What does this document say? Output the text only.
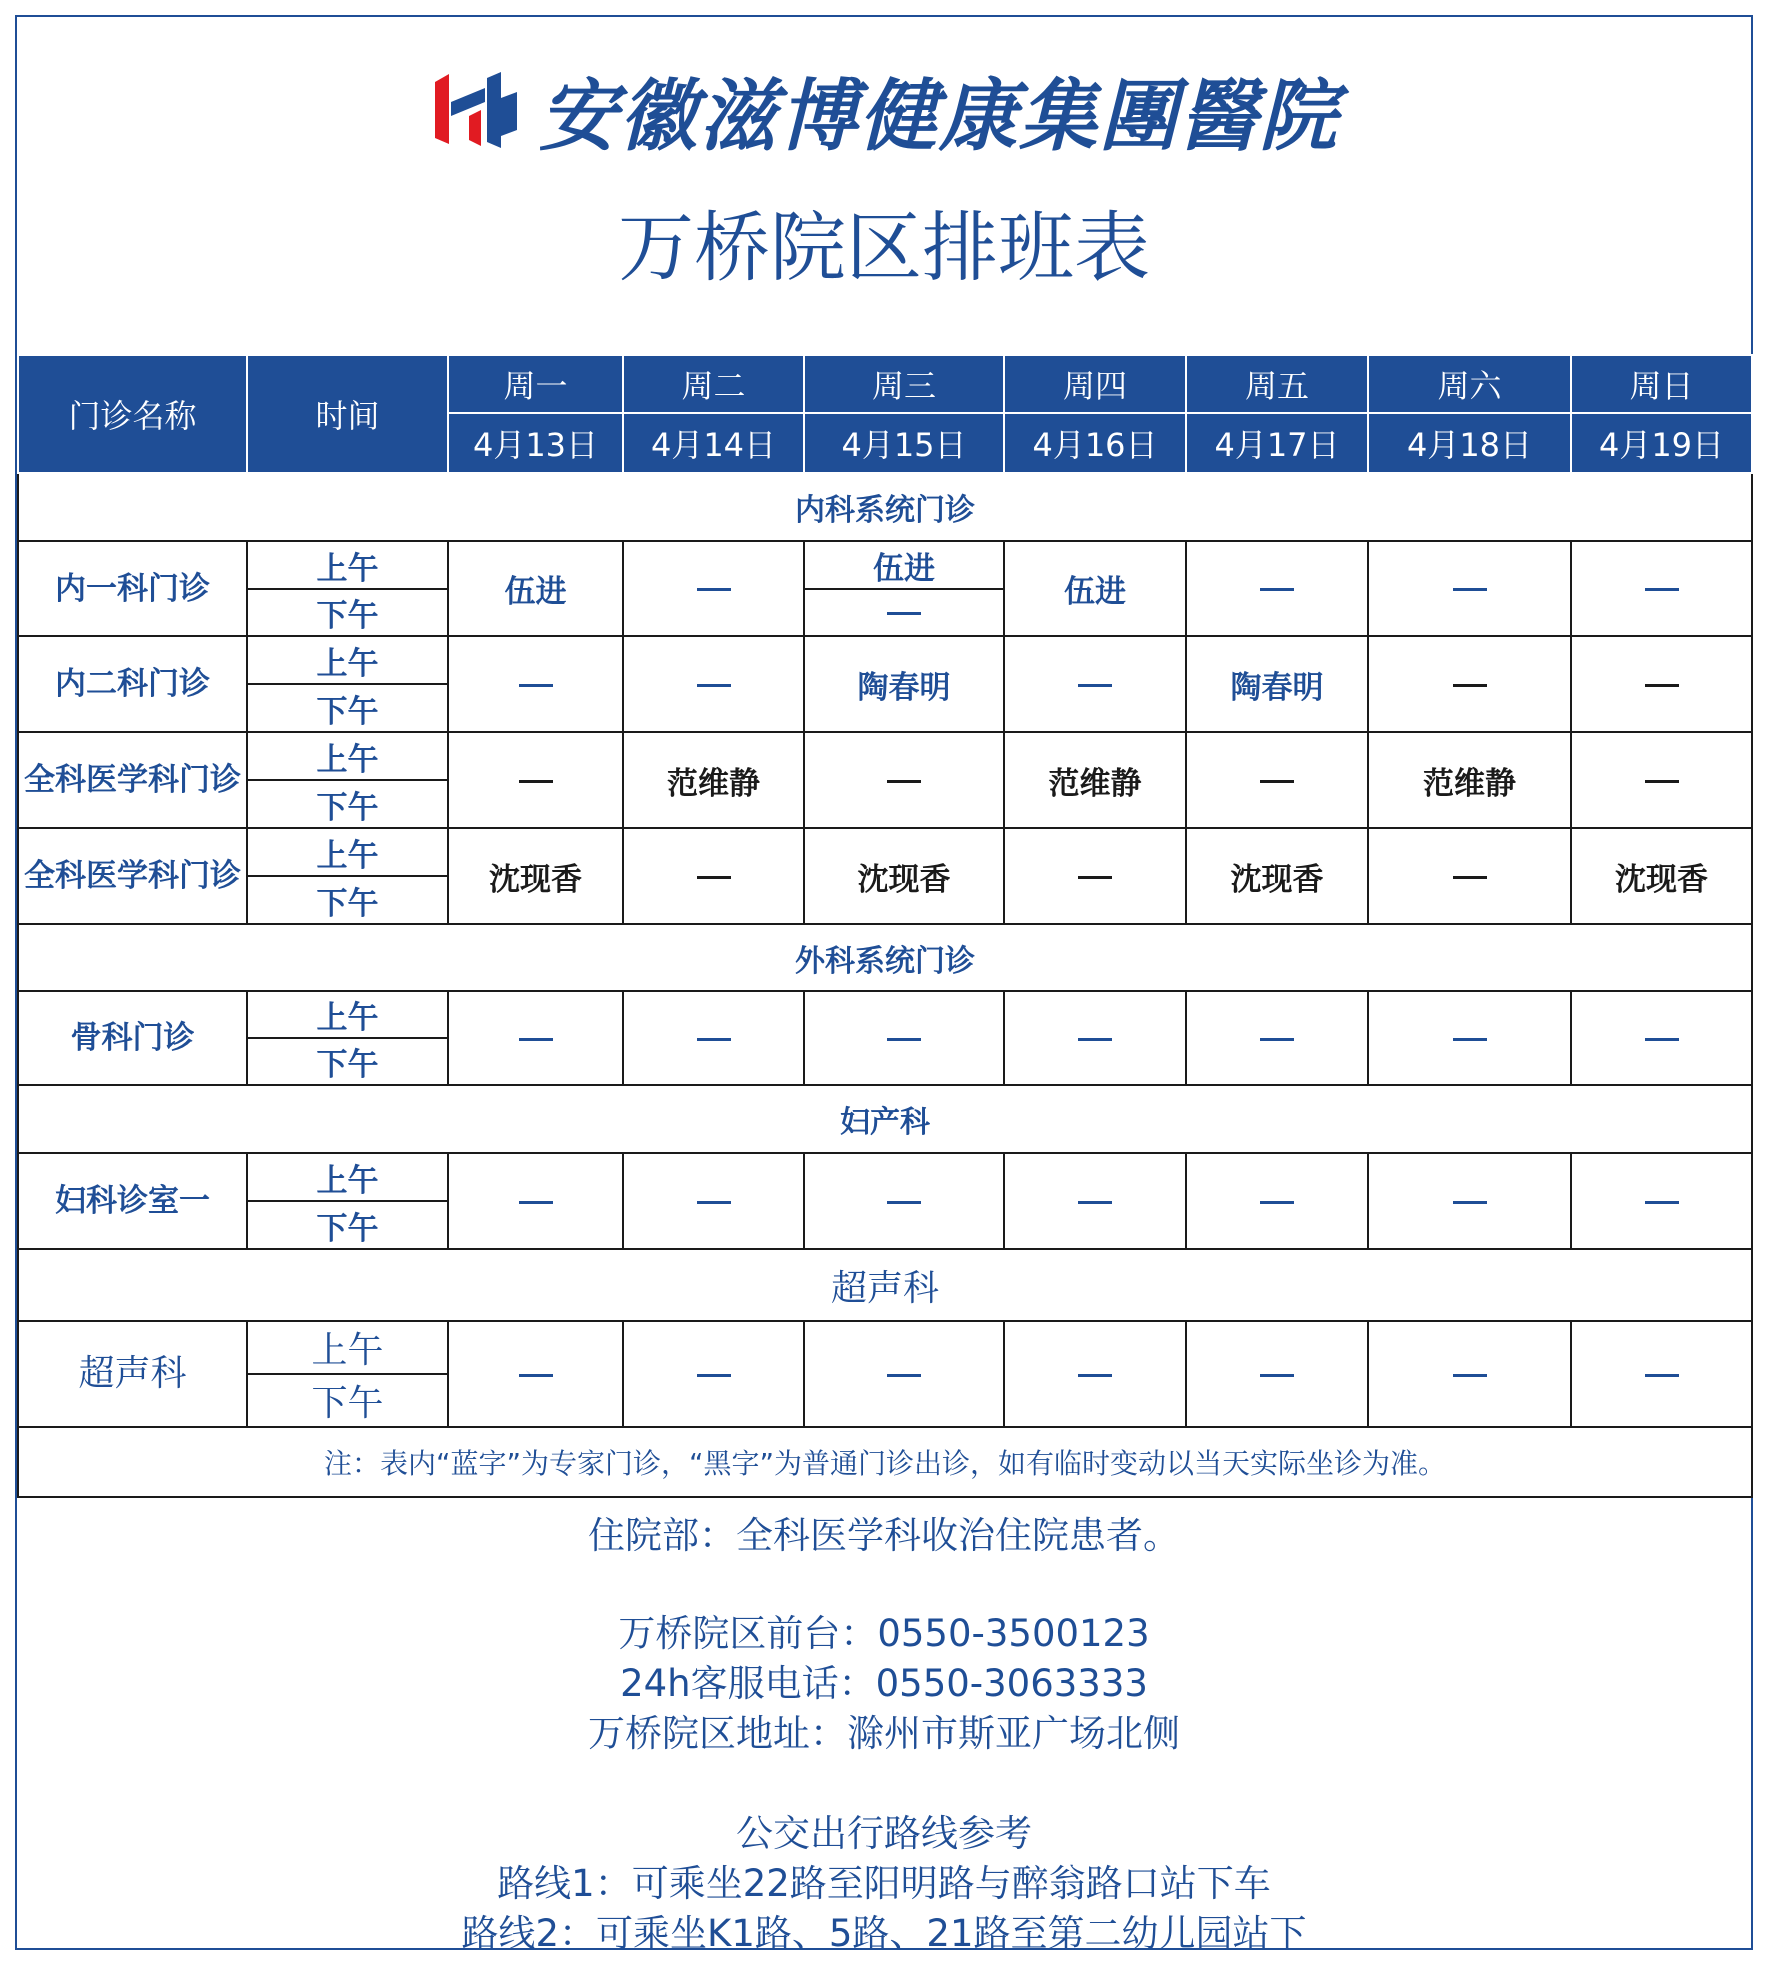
安徽滋博健康集團醫院
万桥院区排班表
门诊名称	时间	周一	周二	周三	周四	周五	周六	周日
		4月13日	4月14日	4月15日	4月16日	4月17日	4月18日	4月19日
内科系统门诊								
内一科门诊	上午	伍进		伍进	伍进			
	下午							
内二科门诊	上午			陶春明		陶春明		
	下午							
全科医学科门诊	上午		范维静		范维静		范维静	
	下午							
全科医学科门诊	上午	沈现香		沈现香		沈现香		沈现香
	下午							
外科系统门诊								
骨科门诊	上午							
	下午							
妇产科								
妇科诊室一	上午							
	下午							
超声科								
超声科	上午							
	下午							
注：表内“蓝字”为专家门诊，“黑字”为普通门诊出诊，如有临时变动以当天实际坐诊为准。								
住院部：全科医学科收治住院患者。
万桥院区前台：0550-3500123
24h客服电话：0550-3063333
万桥院区地址：滁州市斯亚广场北侧
公交出行路线参考
路线1：可乘坐22路至阳明路与醉翁路口站下车
路线2：可乘坐K1路、5路、21路至第二幼儿园站下
